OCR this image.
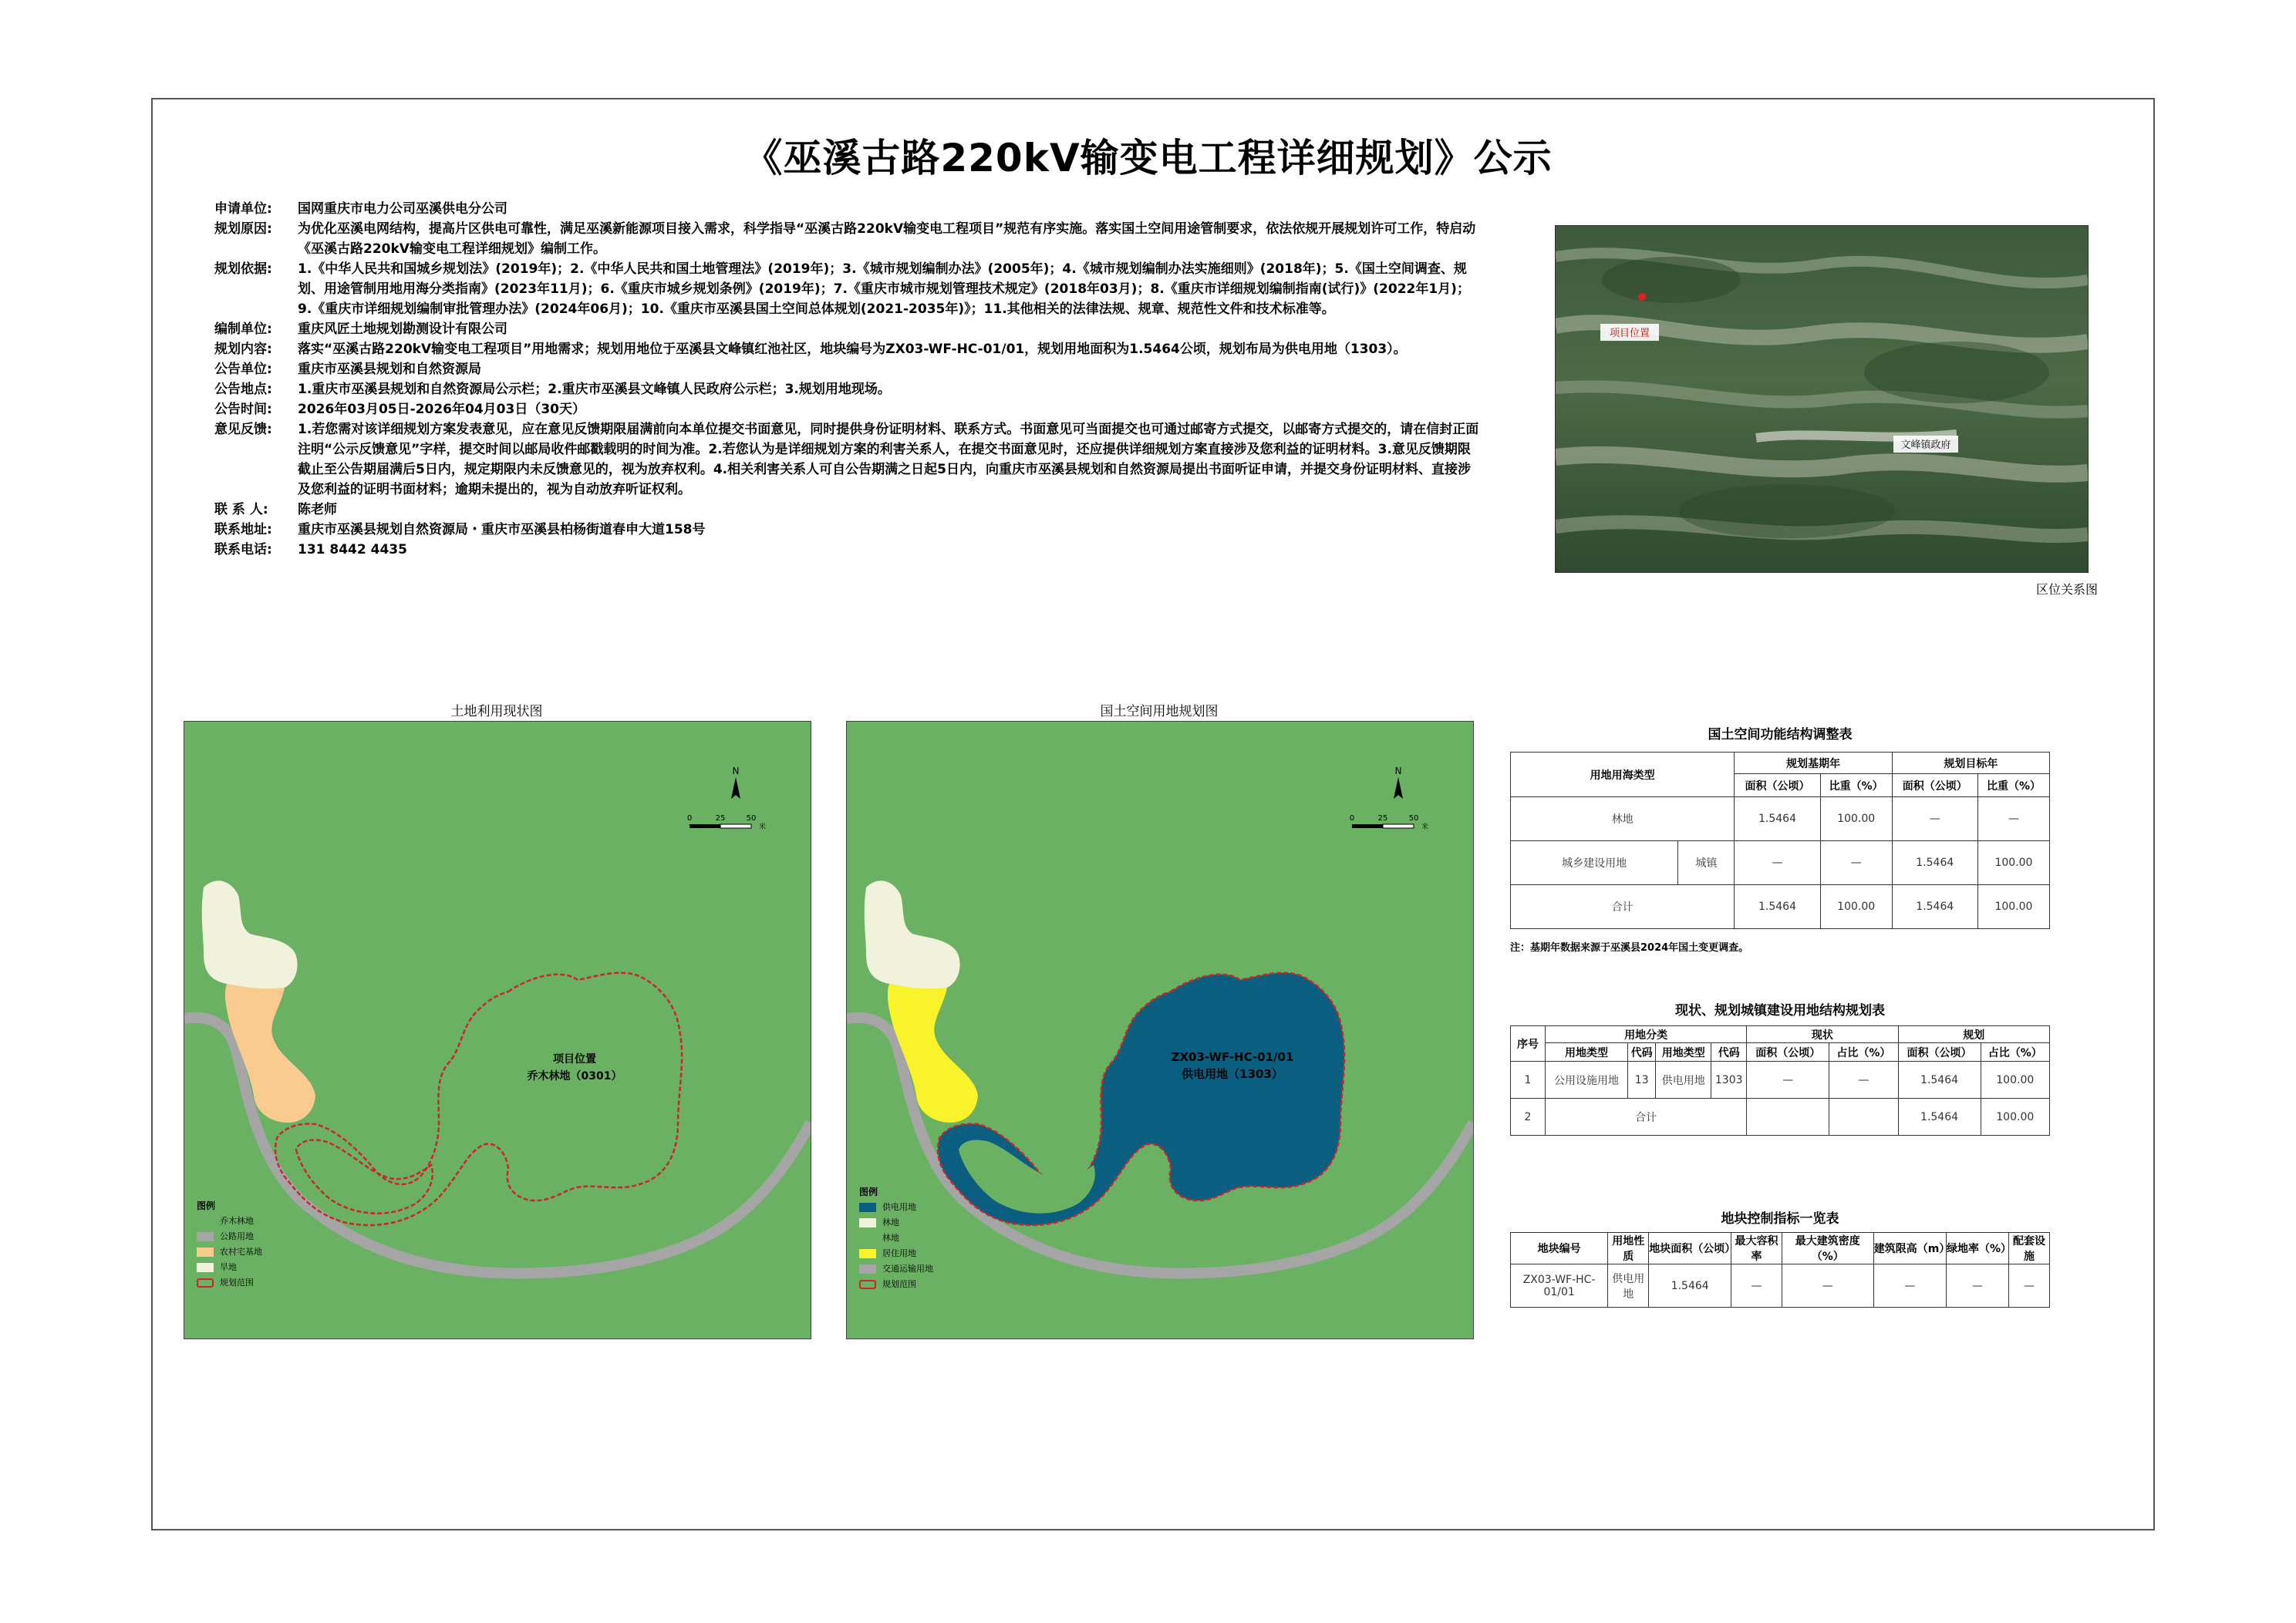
《巫溪古路220kV输变电工程详细规划》公示
申请单位:	国网重庆市电力公司巫溪供电分公司
规划原因:	为优化巫溪电网结构，提高片区供电可靠性，满足巫溪新能源项目接入需求，科学指导“巫溪古路220kV输变电工程项目”规范有序实施。落实国土空间用途管制要求，依法依规开展规划许可工作，特启动《巫溪古路220kV输变电工程详细规划》编制工作。
规划依据:	1.《中华人民共和国城乡规划法》(2019年)；2.《中华人民共和国土地管理法》(2019年)；3.《城市规划编制办法》(2005年)；4.《城市规划编制办法实施细则》(2018年)；5.《国土空间调查、规划、用途管制用地用海分类指南》(2023年11月)；6.《重庆市城乡规划条例》(2019年)；7.《重庆市城市规划管理技术规定》(2018年03月)；8.《重庆市详细规划编制指南(试行)》(2022年1月)；9.《重庆市详细规划编制审批管理办法》(2024年06月)；10.《重庆市巫溪县国土空间总体规划(2021-2035年)》；11.其他相关的法律法规、规章、规范性文件和技术标准等。
编制单位:	重庆风匠土地规划勘测设计有限公司
规划内容:	落实“巫溪古路220kV输变电工程项目”用地需求；规划用地位于巫溪县文峰镇红池社区，地块编号为ZX03-WF-HC-01/01，规划用地面积为1.5464公顷，规划布局为供电用地（1303）。
公告单位:	重庆市巫溪县规划和自然资源局
公告地点:	1.重庆市巫溪县规划和自然资源局公示栏；2.重庆市巫溪县文峰镇人民政府公示栏；3.规划用地现场。
公告时间:	2026年03月05日-2026年04月03日（30天）
意见反馈:	1.若您需对该详细规划方案发表意见，应在意见反馈期限届满前向本单位提交书面意见，同时提供身份证明材料、联系方式。书面意见可当面提交也可通过邮寄方式提交，以邮寄方式提交的，请在信封正面注明“公示反馈意见”字样，提交时间以邮局收件邮戳载明的时间为准。2.若您认为是详细规划方案的利害关系人，在提交书面意见时，还应提供详细规划方案直接涉及您利益的证明材料。3.意见反馈期限截止至公告期届满后5日内，规定期限内未反馈意见的，视为放弃权利。4.相关利害关系人可自公告期满之日起5日内，向重庆市巫溪县规划和自然资源局提出书面听证申请，并提交身份证明材料、直接涉及您利益的证明书面材料；逾期未提出的，视为自动放弃听证权利。
联 系 人:	陈老师
联系地址:	重庆市巫溪县规划自然资源局・重庆市巫溪县柏杨街道春申大道158号
联系电话:	131 8442 4435
项目位置
文峰镇政府
区位关系图
土地利用现状图
项目位置
乔木林地（0301）
N
0	25	50
米
图例
乔木林地
公路用地
农村宅基地
旱地
规划范围
国土空间用地规划图
ZX03-WF-HC-01/01
供电用地（1303）
N
0	25	50
米
图例
供电用地
林地
林地
居住用地
交通运输用地
规划范围
国土空间功能结构调整表
用地用海类型		规划基期年		规划目标年	
		面积（公顷）	比重（%）	面积（公顷）	比重（%）
林地		1.5464	100.00	—	—
城乡建设用地	城镇	—	—	1.5464	100.00
合计		1.5464	100.00	1.5464	100.00
注：基期年数据来源于巫溪县2024年国土变更调查。
现状、规划城镇建设用地结构规划表
序号	用地分类				现状		规划	
	用地类型	代码	用地类型	代码	面积（公顷）	占比（%）	面积（公顷）	占比（%）
1	公用设施用地	13	供电用地	1303	—	—	1.5464	100.00
2	合计						1.5464	100.00
地块控制指标一览表
地块编号	用地性质	地块面积（公顷）	最大容积率	最大建筑密度（%）	建筑限高（m）	绿地率（%）	配套设施
ZX03-WF-HC-01/01	供电用地	1.5464	—	—	—	—	—
